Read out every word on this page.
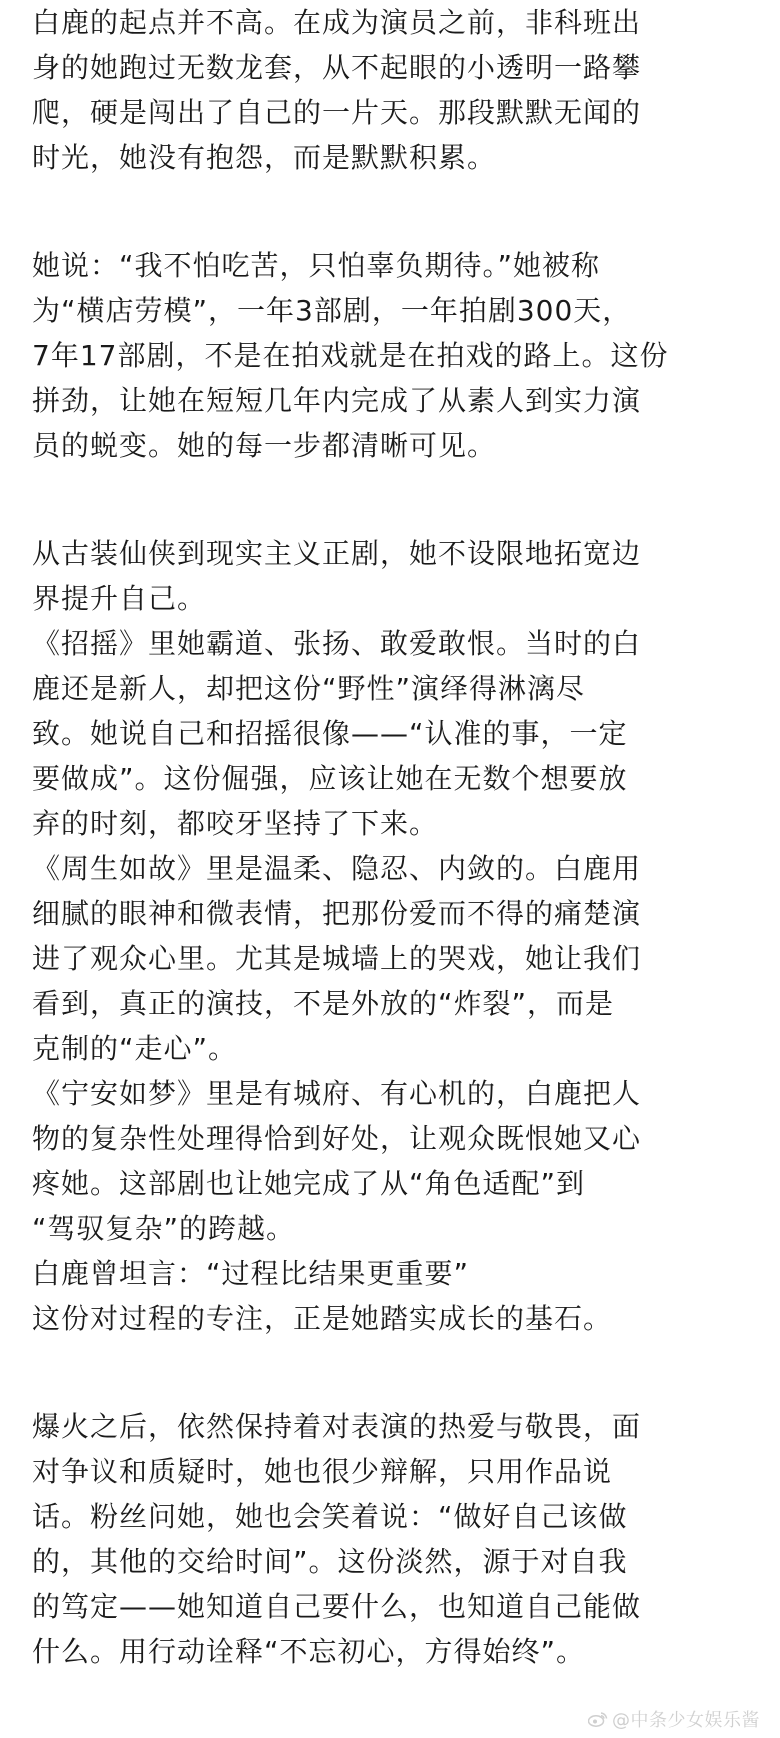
白鹿的起点并不高。在成为演员之前，非科班出
身的她跑过无数龙套，从不起眼的小透明一路攀
爬，硬是闯出了自己的一片天。那段默默无闻的
时光，她没有抱怨，而是默默积累。
她说：“我不怕吃苦，只怕辜负期待。”她被称
为“横店劳模”，一年3部剧，一年拍剧300天，
7年17部剧，不是在拍戏就是在拍戏的路上。这份
拼劲，让她在短短几年内完成了从素人到实力演
员的蜕变。她的每一步都清晰可见。
从古装仙侠到现实主义正剧，她不设限地拓宽边
界提升自己。
《招摇》里她霸道、张扬、敢爱敢恨。当时的白
鹿还是新人，却把这份“野性”演绎得淋漓尽
致。她说自己和招摇很像——“认准的事，一定
要做成”。这份倔强，应该让她在无数个想要放
弃的时刻，都咬牙坚持了下来。
《周生如故》里是温柔、隐忍、内敛的。白鹿用
细腻的眼神和微表情，把那份爱而不得的痛楚演
进了观众心里。尤其是城墙上的哭戏，她让我们
看到，真正的演技，不是外放的“炸裂”，而是
克制的“走心”。
《宁安如梦》里是有城府、有心机的，白鹿把人
物的复杂性处理得恰到好处，让观众既恨她又心
疼她。这部剧也让她完成了从“角色适配”到
“驾驭复杂”的跨越。
白鹿曾坦言：“过程比结果更重要”
这份对过程的专注，正是她踏实成长的基石。
爆火之后，依然保持着对表演的热爱与敬畏，面
对争议和质疑时，她也很少辩解，只用作品说
话。粉丝问她，她也会笑着说：“做好自己该做
的，其他的交给时间”。这份淡然，源于对自我
的笃定——她知道自己要什么，也知道自己能做
什么。用行动诠释“不忘初心，方得始终”。
@中条少女娱乐酱
